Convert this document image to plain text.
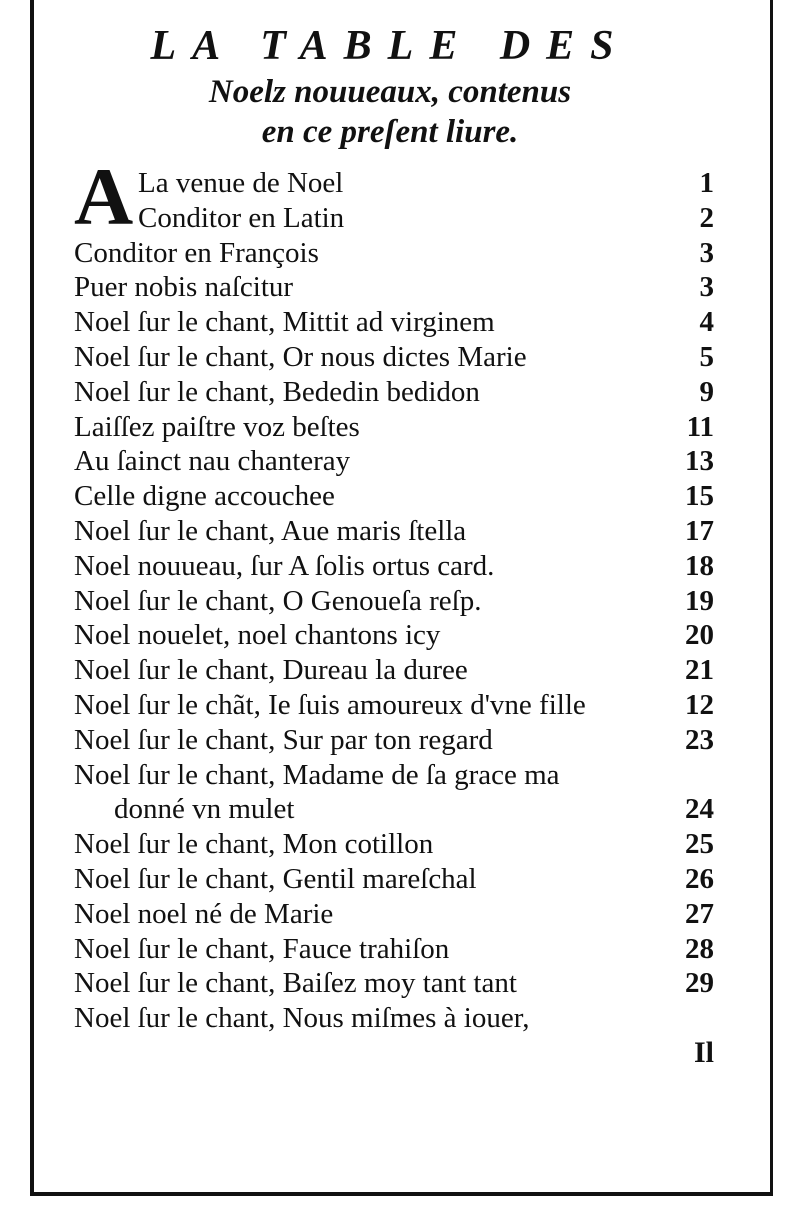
LA TABLE DES
Noelz nouueaux, contenus
en ce preſent liure.
A La venue de Noel	1
Conditor en Latin	2
Conditor en François	3
Puer nobis naſcitur	3
Noel ſur le chant, Mittit ad virginem	4
Noel ſur le chant, Or nous dictes Marie	5
Noel ſur le chant, Bededin bedidon	9
Laiſſez paiſtre voz beſtes	11
Au ſainct nau chanteray	13
Celle digne accouchee	15
Noel ſur le chant, Aue maris ſtella	17
Noel nouueau, ſur A ſolis ortus card.	18
Noel ſur le chant, O Genoueſa reſp.	19
Noel nouelet, noel chantons icy	20
Noel ſur le chant, Dureau la duree	21
Noel ſur le chãt, Ie ſuis amoureux d'vne fille	12
Noel ſur le chant, Sur par ton regard	23
Noel ſur le chant, Madame de ſa grace ma
donné vn mulet	24
Noel ſur le chant, Mon cotillon	25
Noel ſur le chant, Gentil mareſchal	26
Noel noel né de Marie	27
Noel ſur le chant, Fauce trahiſon	28
Noel ſur le chant, Baiſez moy tant tant	29
Noel ſur le chant, Nous miſmes à iouer,
Il
